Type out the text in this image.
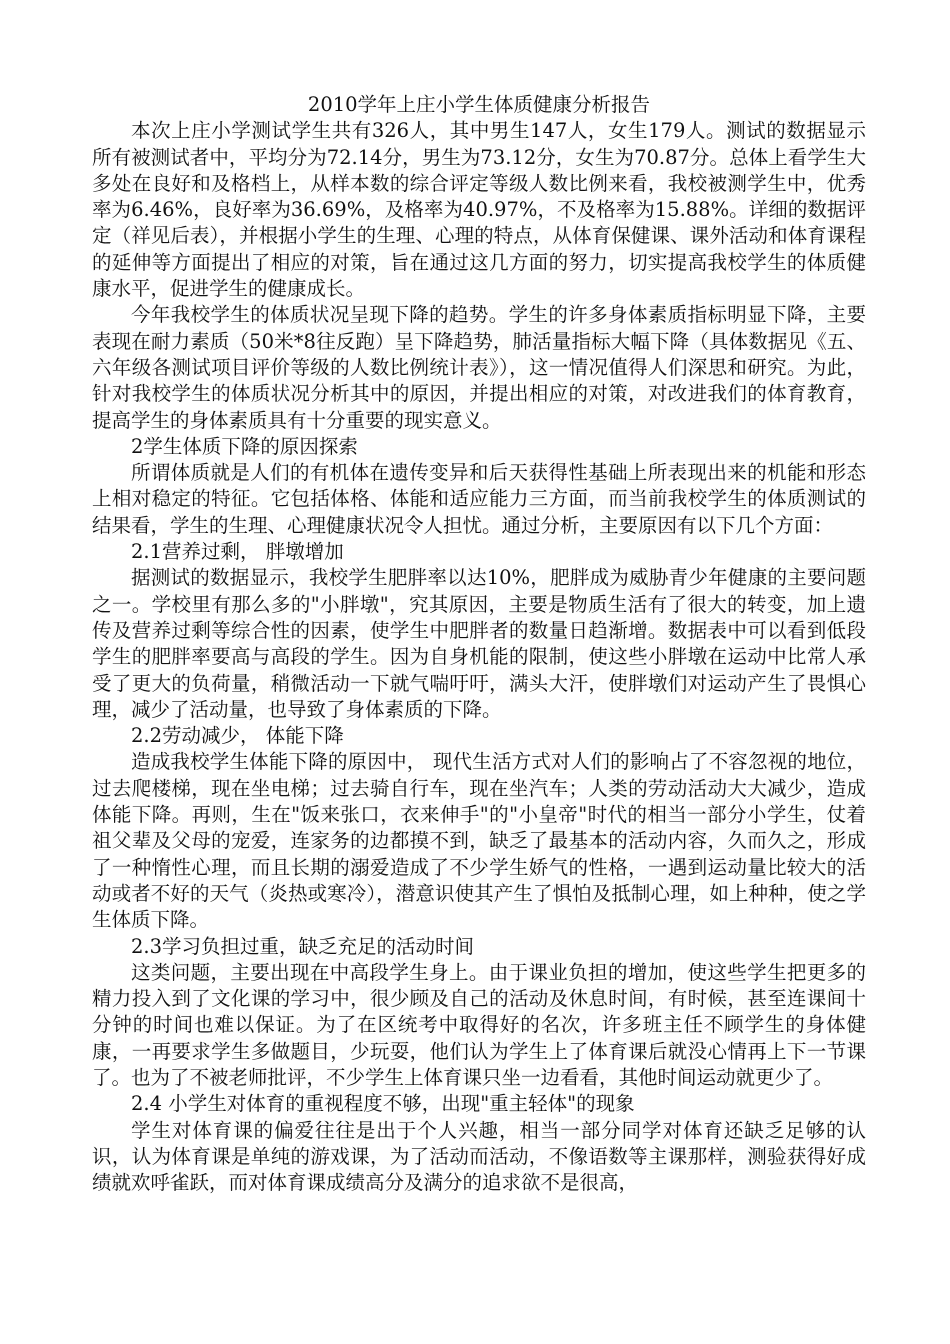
2010学年上庄小学生体质健康分析报告

本次上庄小学测试学生共有326人，其中男生147人，女生179人。测试的数据显示所有被测试者中，平均分为72.14分，男生为73.12分，女生为70.87分。总体上看学生大多处在良好和及格档上，从样本数的综合评定等级人数比例来看，我校被测学生中，优秀率为6.46%，良好率为36.69%，及格率为40.97%，不及格率为15.88%。详细的数据评定（祥见后表），并根据小学生的生理、心理的特点，从体育保健课、课外活动和体育课程的延伸等方面提出了相应的对策，旨在通过这几方面的努力，切实提高我校学生的体质健康水平，促进学生的健康成长。

今年我校学生的体质状况呈现下降的趋势。学生的许多身体素质指标明显下降，主要表现在耐力素质（50米*8往反跑）呈下降趋势，肺活量指标大幅下降（具体数据见《五、六年级各测试项目评价等级的人数比例统计表》），这一情况值得人们深思和研究。为此，针对我校学生的体质状况分析其中的原因，并提出相应的对策，对改进我们的体育教育，提高学生的身体素质具有十分重要的现实意义。

2学生体质下降的原因探索

所谓体质就是人们的有机体在遗传变异和后天获得性基础上所表现出来的机能和形态上相对稳定的特征。它包括体格、体能和适应能力三方面，而当前我校学生的体质测试的结果看，学生的生理、心理健康状况令人担忧。通过分析，主要原因有以下几个方面：

2.1营养过剩， 胖墩增加

据测试的数据显示，我校学生肥胖率以达10%，肥胖成为威胁青少年健康的主要问题之一。学校里有那么多的"小胖墩"，究其原因，主要是物质生活有了很大的转变，加上遗传及营养过剩等综合性的因素，使学生中肥胖者的数量日趋渐增。数据表中可以看到低段学生的肥胖率要高与高段的学生。因为自身机能的限制，使这些小胖墩在运动中比常人承受了更大的负荷量，稍微活动一下就气喘吁吁，满头大汗，使胖墩们对运动产生了畏惧心理，减少了活动量，也导致了身体素质的下降。

2.2劳动减少， 体能下降

造成我校学生体能下降的原因中， 现代生活方式对人们的影响占了不容忽视的地位，过去爬楼梯，现在坐电梯；过去骑自行车，现在坐汽车；人类的劳动活动大大减少，造成体能下降。再则，生在"饭来张口，衣来伸手"的"小皇帝"时代的相当一部分小学生，仗着祖父辈及父母的宠爱，连家务的边都摸不到，缺乏了最基本的活动内容，久而久之，形成了一种惰性心理，而且长期的溺爱造成了不少学生娇气的性格，一遇到运动量比较大的活动或者不好的天气（炎热或寒冷），潜意识使其产生了惧怕及抵制心理，如上种种，使之学生体质下降。

2.3学习负担过重，缺乏充足的活动时间

这类问题，主要出现在中高段学生身上。由于课业负担的增加，使这些学生把更多的精力投入到了文化课的学习中，很少顾及自己的活动及休息时间，有时候，甚至连课间十分钟的时间也难以保证。为了在区统考中取得好的名次，许多班主任不顾学生的身体健康，一再要求学生多做题目，少玩耍，他们认为学生上了体育课后就没心情再上下一节课了。也为了不被老师批评，不少学生上体育课只坐一边看看，其他时间运动就更少了。

2.4 小学生对体育的重视程度不够，出现"重主轻体"的现象

学生对体育课的偏爱往往是出于个人兴趣，相当一部分同学对体育还缺乏足够的认识，认为体育课是单纯的游戏课，为了活动而活动，不像语数等主课那样，测验获得好成绩就欢呼雀跃，而对体育课成绩高分及满分的追求欲不是很高，
